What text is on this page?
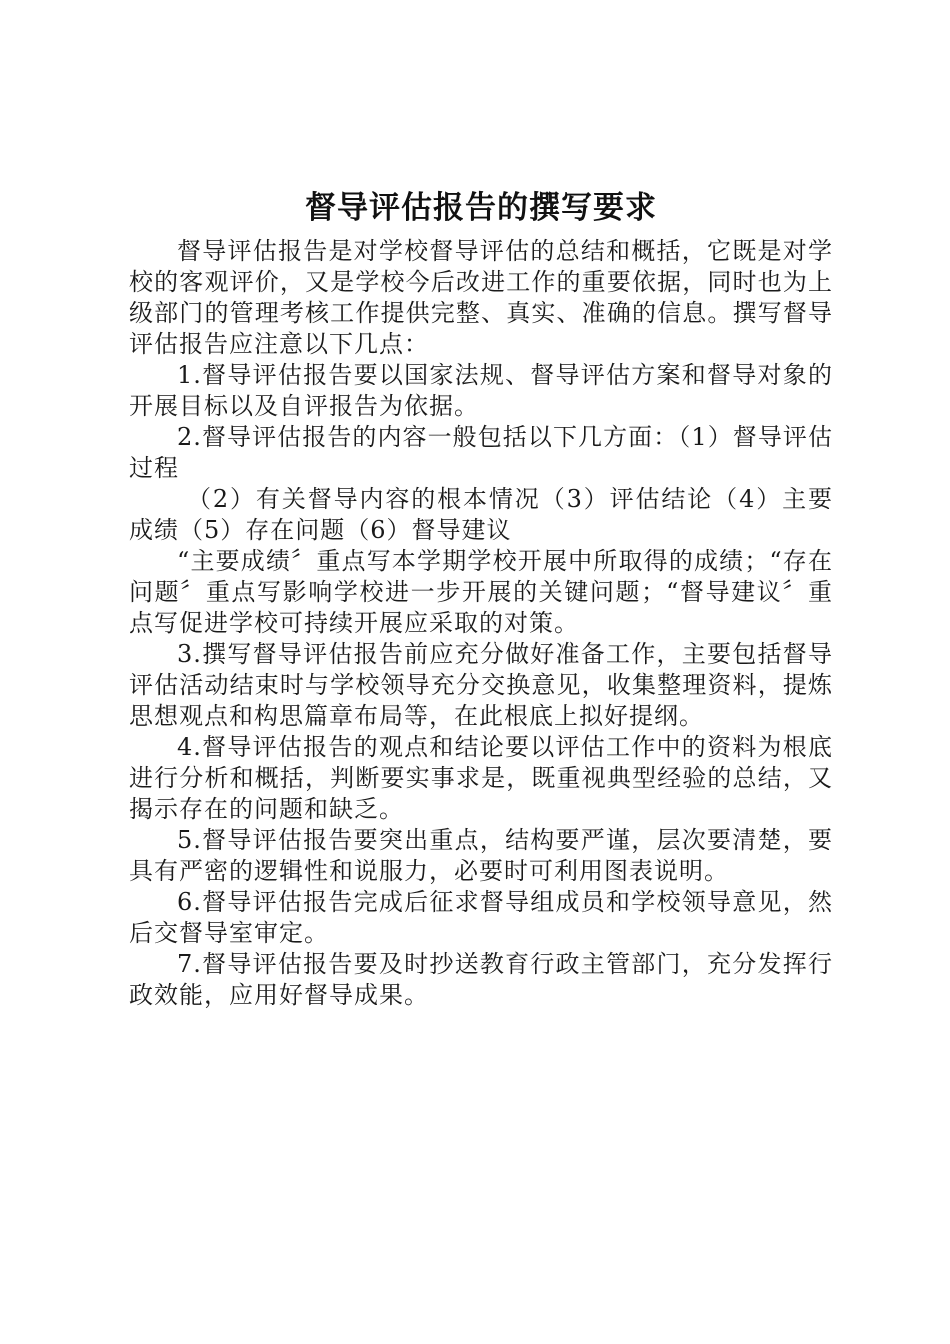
督导评估报告的撰写要求

督导评估报告是对学校督导评估的总结和概括，它既是对学校的客观评价，又是学校今后改进工作的重要依据，同时也为上级部门的管理考核工作提供完整、真实、准确的信息。撰写督导评估报告应注意以下几点：

1.督导评估报告要以国家法规、督导评估方案和督导对象的开展目标以及自评报告为依据。

2.督导评估报告的内容一般包括以下几方面：（1）督导评估过程

（2）有关督导内容的根本情况（3）评估结论（4）主要成绩（5）存在问题（6）督导建议

“主要成绩〞重点写本学期学校开展中所取得的成绩；“存在问题〞重点写影响学校进一步开展的关键问题；“督导建议〞重点写促进学校可持续开展应采取的对策。

3.撰写督导评估报告前应充分做好准备工作，主要包括督导评估活动结束时与学校领导充分交换意见，收集整理资料，提炼思想观点和构思篇章布局等，在此根底上拟好提纲。

4.督导评估报告的观点和结论要以评估工作中的资料为根底进行分析和概括，判断要实事求是，既重视典型经验的总结，又揭示存在的问题和缺乏。

5.督导评估报告要突出重点，结构要严谨，层次要清楚，要具有严密的逻辑性和说服力，必要时可利用图表说明。

6.督导评估报告完成后征求督导组成员和学校领导意见，然后交督导室审定。

7.督导评估报告要及时抄送教育行政主管部门，充分发挥行政效能，应用好督导成果。
